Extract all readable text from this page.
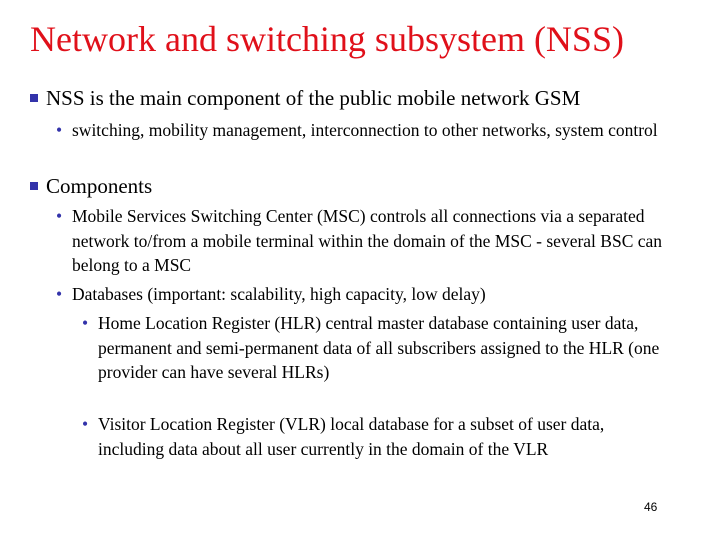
Network and switching subsystem (NSS)
NSS is the main component of the public mobile network GSM
• switching, mobility management, interconnection to other networks, system control
Components
• Mobile Services Switching Center (MSC) controls all connections via a separated network to/from a mobile terminal within the domain of the MSC - several BSC can belong to a MSC
• Databases (important: scalability, high capacity, low delay)
• Home Location Register (HLR) central master database containing user data, permanent and semi-permanent data of all subscribers assigned to the HLR (one provider can have several HLRs)
• Visitor Location Register (VLR) local database for a subset of user data, including data about all user currently in the domain of the VLR
46
